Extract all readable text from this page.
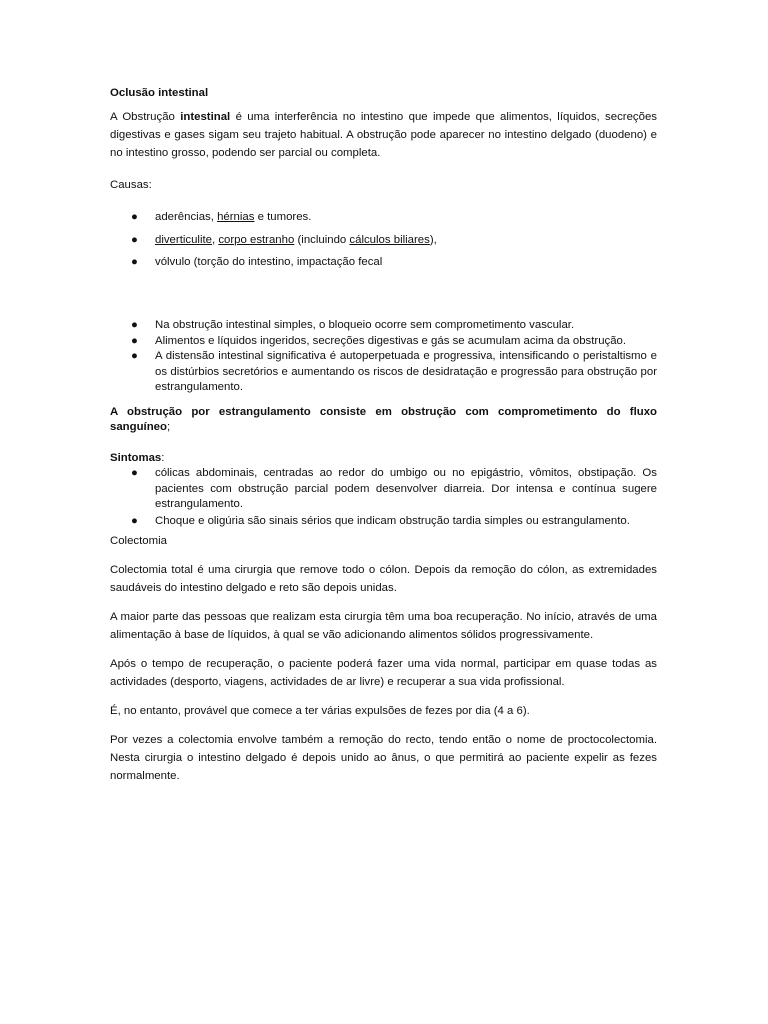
Oclusão intestinal

A Obstrução intestinal é uma interferência no intestino que impede que alimentos, líquidos, secreções digestivas e gases sigam seu trajeto habitual. A obstrução pode aparecer no intestino delgado (duodeno) e no intestino grosso, podendo ser parcial ou completa.

Causas:

● aderências, hérnias e tumores.
● diverticulite, corpo estranho (incluindo cálculos biliares),
● vólvulo (torção do intestino, impactação fecal
● Na obstrução intestinal simples, o bloqueio ocorre sem comprometimento vascular.
● Alimentos e líquidos ingeridos, secreções digestivas e gás se acumulam acima da obstrução.
● A distensão intestinal significativa é autoperpetuada e progressiva, intensificando o peristaltismo e os distúrbios secretórios e aumentando os riscos de desidratação e progressão para obstrução por estrangulamento.

A obstrução por estrangulamento consiste em obstrução com comprometimento do fluxo sanguíneo;

Sintomas:

● cólicas abdominais, centradas ao redor do umbigo ou no epigástrio, vômitos, obstipação. Os pacientes com obstrução parcial podem desenvolver diarreia. Dor intensa e contínua sugere estrangulamento.
● Choque e oligúria são sinais sérios que indicam obstrução tardia simples ou estrangulamento.

Colectomia

Colectomia total é uma cirurgia que remove todo o cólon. Depois da remoção do cólon, as extremidades saudáveis do intestino delgado e reto são depois unidas.

A maior parte das pessoas que realizam esta cirurgia têm uma boa recuperação. No início, através de uma alimentação à base de líquidos, à qual se vão adicionando alimentos sólidos progressivamente.

Após o tempo de recuperação, o paciente poderá fazer uma vida normal, participar em quase todas as actividades (desporto, viagens, actividades de ar livre) e recuperar a sua vida profissional.

É, no entanto, provável que comece a ter várias expulsões de fezes por dia (4 a 6).

Por vezes a colectomia envolve também a remoção do recto, tendo então o nome de proctocolectomia. Nesta cirurgia o intestino delgado é depois unido ao ânus, o que permitirá ao paciente expelir as fezes normalmente.
